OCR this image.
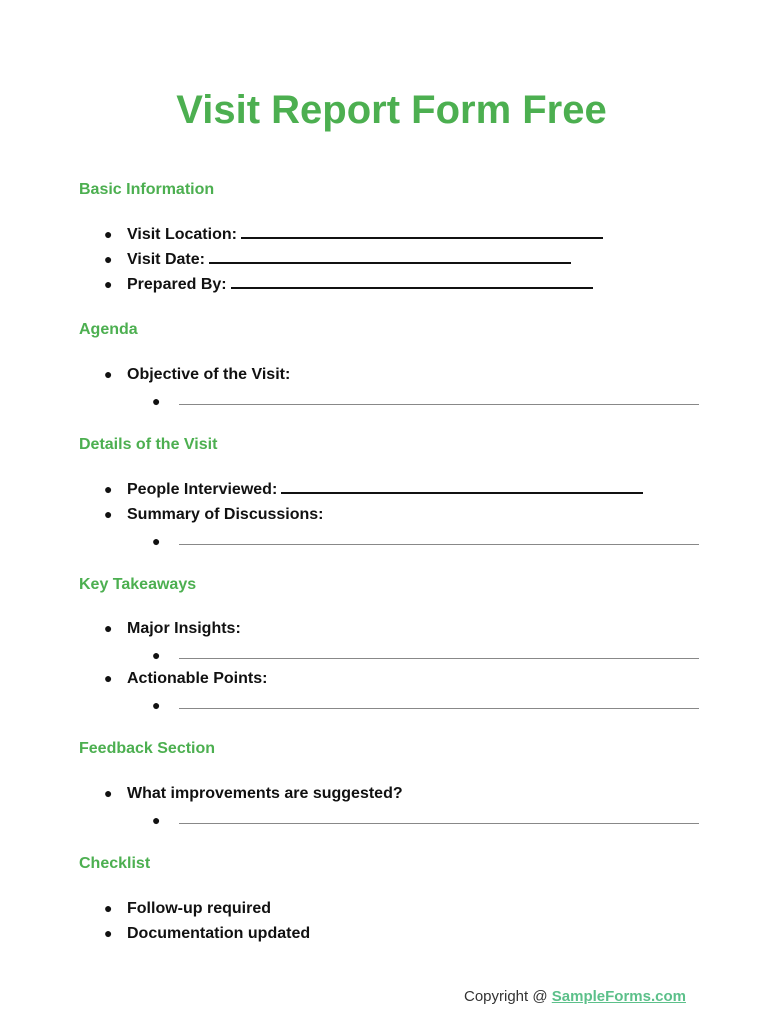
Visit Report Form Free
Basic Information
● Visit Location:
● Visit Date:
● Prepared By:
Agenda
● Objective of the Visit:
●
Details of the Visit
● People Interviewed:
● Summary of Discussions:
●
Key Takeaways
● Major Insights:
●
● Actionable Points:
●
Feedback Section
● What improvements are suggested?
●
Checklist
● Follow-up required
● Documentation updated
Copyright @ SampleForms.com
